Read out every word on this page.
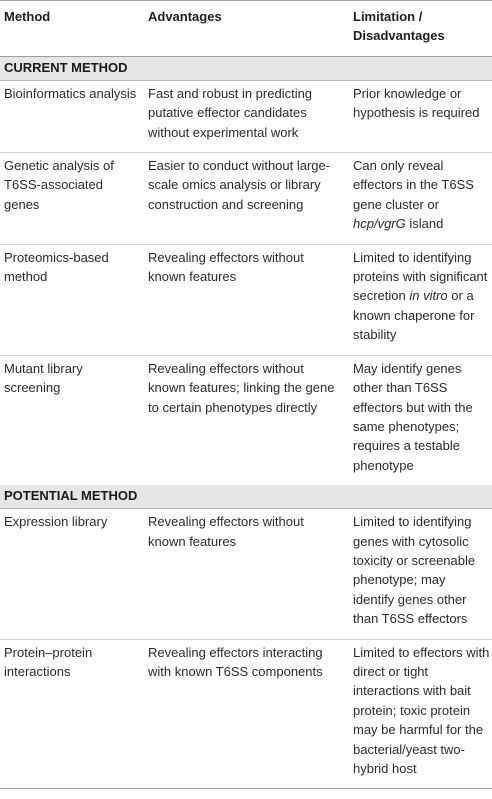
Method	Advantages	Limitation / Disadvantages
CURRENT METHOD		
Bioinformatics analysis	Fast and robust in predicting putative effector candidates without experimental work	Prior knowledge or hypothesis is required
Genetic analysis of T6SS-associated genes	Easier to conduct without large-scale omics analysis or library construction and screening	Can only reveal effectors in the T6SS gene cluster or hcp/vgrG island
Proteomics-based method	Revealing effectors without known features	Limited to identifying proteins with significant secretion in vitro or a known chaperone for stability
Mutant library screening	Revealing effectors without known features; linking the gene to certain phenotypes directly	May identify genes other than T6SS effectors but with the same phenotypes; requires a testable phenotype
POTENTIAL METHOD		
Expression library	Revealing effectors without known features	Limited to identifying genes with cytosolic toxicity or screenable phenotype; may identify genes other than T6SS effectors
Protein–protein interactions	Revealing effectors interacting with known T6SS components	Limited to effectors with direct or tight interactions with bait protein; toxic protein may be harmful for the bacterial/yeast two-hybrid host
